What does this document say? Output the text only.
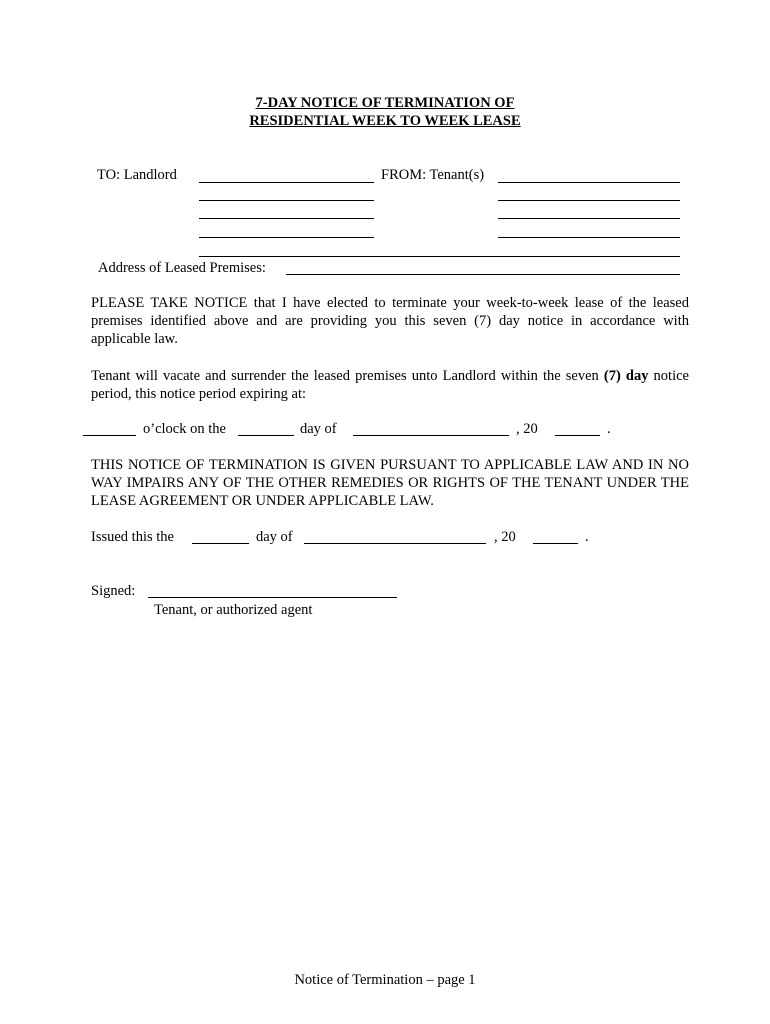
7-DAY NOTICE OF TERMINATION OF
RESIDENTIAL WEEK TO WEEK LEASE
TO: Landlord	FROM: Tenant(s)
Address of Leased Premises:
PLEASE TAKE NOTICE that I have elected to terminate your week-to-week lease of the leased premises identified above and are providing you this seven (7) day notice in accordance with applicable law.
Tenant will vacate and surrender the leased premises unto Landlord within the seven (7) day notice period, this notice period expiring at:
o’clock on the	day of	, 20	.
THIS NOTICE OF TERMINATION IS GIVEN PURSUANT TO APPLICABLE LAW AND IN NO WAY IMPAIRS ANY OF THE OTHER REMEDIES OR RIGHTS OF THE TENANT UNDER THE LEASE AGREEMENT OR UNDER APPLICABLE LAW.
Issued this the	day of	, 20	.
Signed:
Tenant, or authorized agent
Notice of Termination – page 1
